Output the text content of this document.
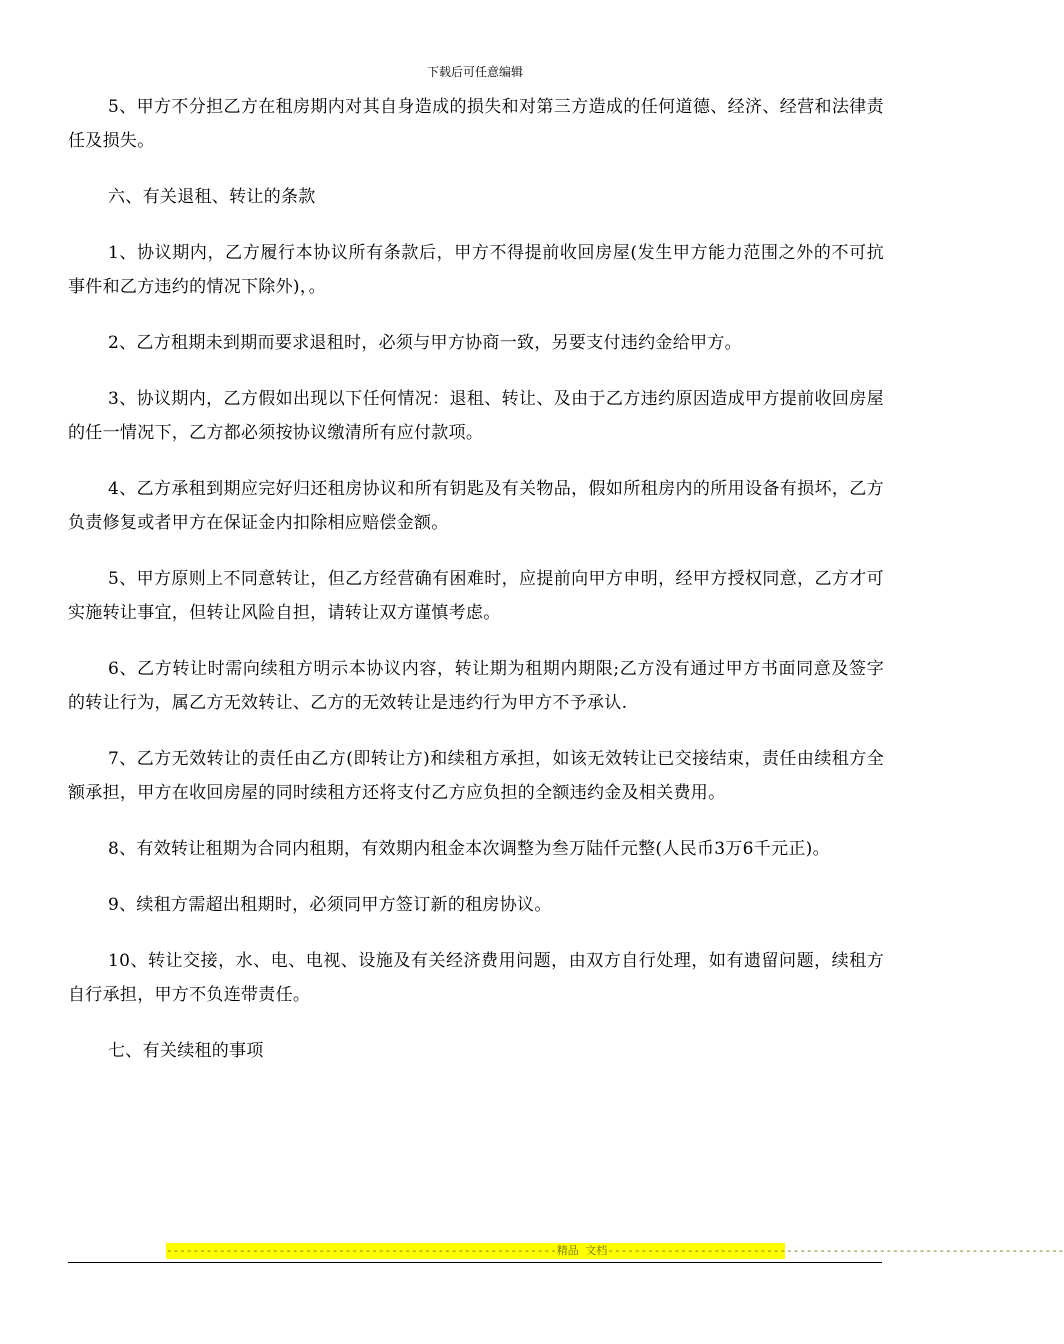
下载后可任意编辑

5、甲方不分担乙方在租房期内对其自身造成的损失和对第三方造成的任何道德、经济、经营和法律责任及损失。

六、有关退租、转让的条款

1、协议期内，乙方履行本协议所有条款后，甲方不得提前收回房屋(发生甲方能力范围之外的不可抗事件和乙方违约的情况下除外)，。

2、乙方租期未到期而要求退租时，必须与甲方协商一致，另要支付违约金给甲方。

3、协议期内，乙方假如出现以下任何情况：退租、转让、及由于乙方违约原因造成甲方提前收回房屋的任一情况下，乙方都必须按协议缴清所有应付款项。

4、乙方承租到期应完好归还租房协议和所有钥匙及有关物品，假如所租房内的所用设备有损坏，乙方负责修复或者甲方在保证金内扣除相应赔偿金额。

5、甲方原则上不同意转让，但乙方经营确有困难时，应提前向甲方申明，经甲方授权同意，乙方才可实施转让事宜，但转让风险自担，请转让双方谨慎考虑。

6、乙方转让时需向续租方明示本协议内容，转让期为租期内期限;乙方没有通过甲方书面同意及签字的转让行为，属乙方无效转让、乙方的无效转让是违约行为甲方不予承认.

7、乙方无效转让的责任由乙方(即转让方)和续租方承担，如该无效转让已交接结束，责任由续租方全额承担，甲方在收回房屋的同时续租方还将支付乙方应负担的全额违约金及相关费用。

8、有效转让租期为合同内租期，有效期内租金本次调整为叁万陆仟元整(人民币3万6千元正)。

9、续租方需超出租期时，必须同甲方签订新的租房协议。

10、转让交接，水、电、电视、设施及有关经济费用问题，由双方自行处理，如有遗留问题，续租方自行承担，甲方不负连带责任。

七、有关续租的事项

-----------------------------------------------------------精品 文档---------------------------------------------------------------------
